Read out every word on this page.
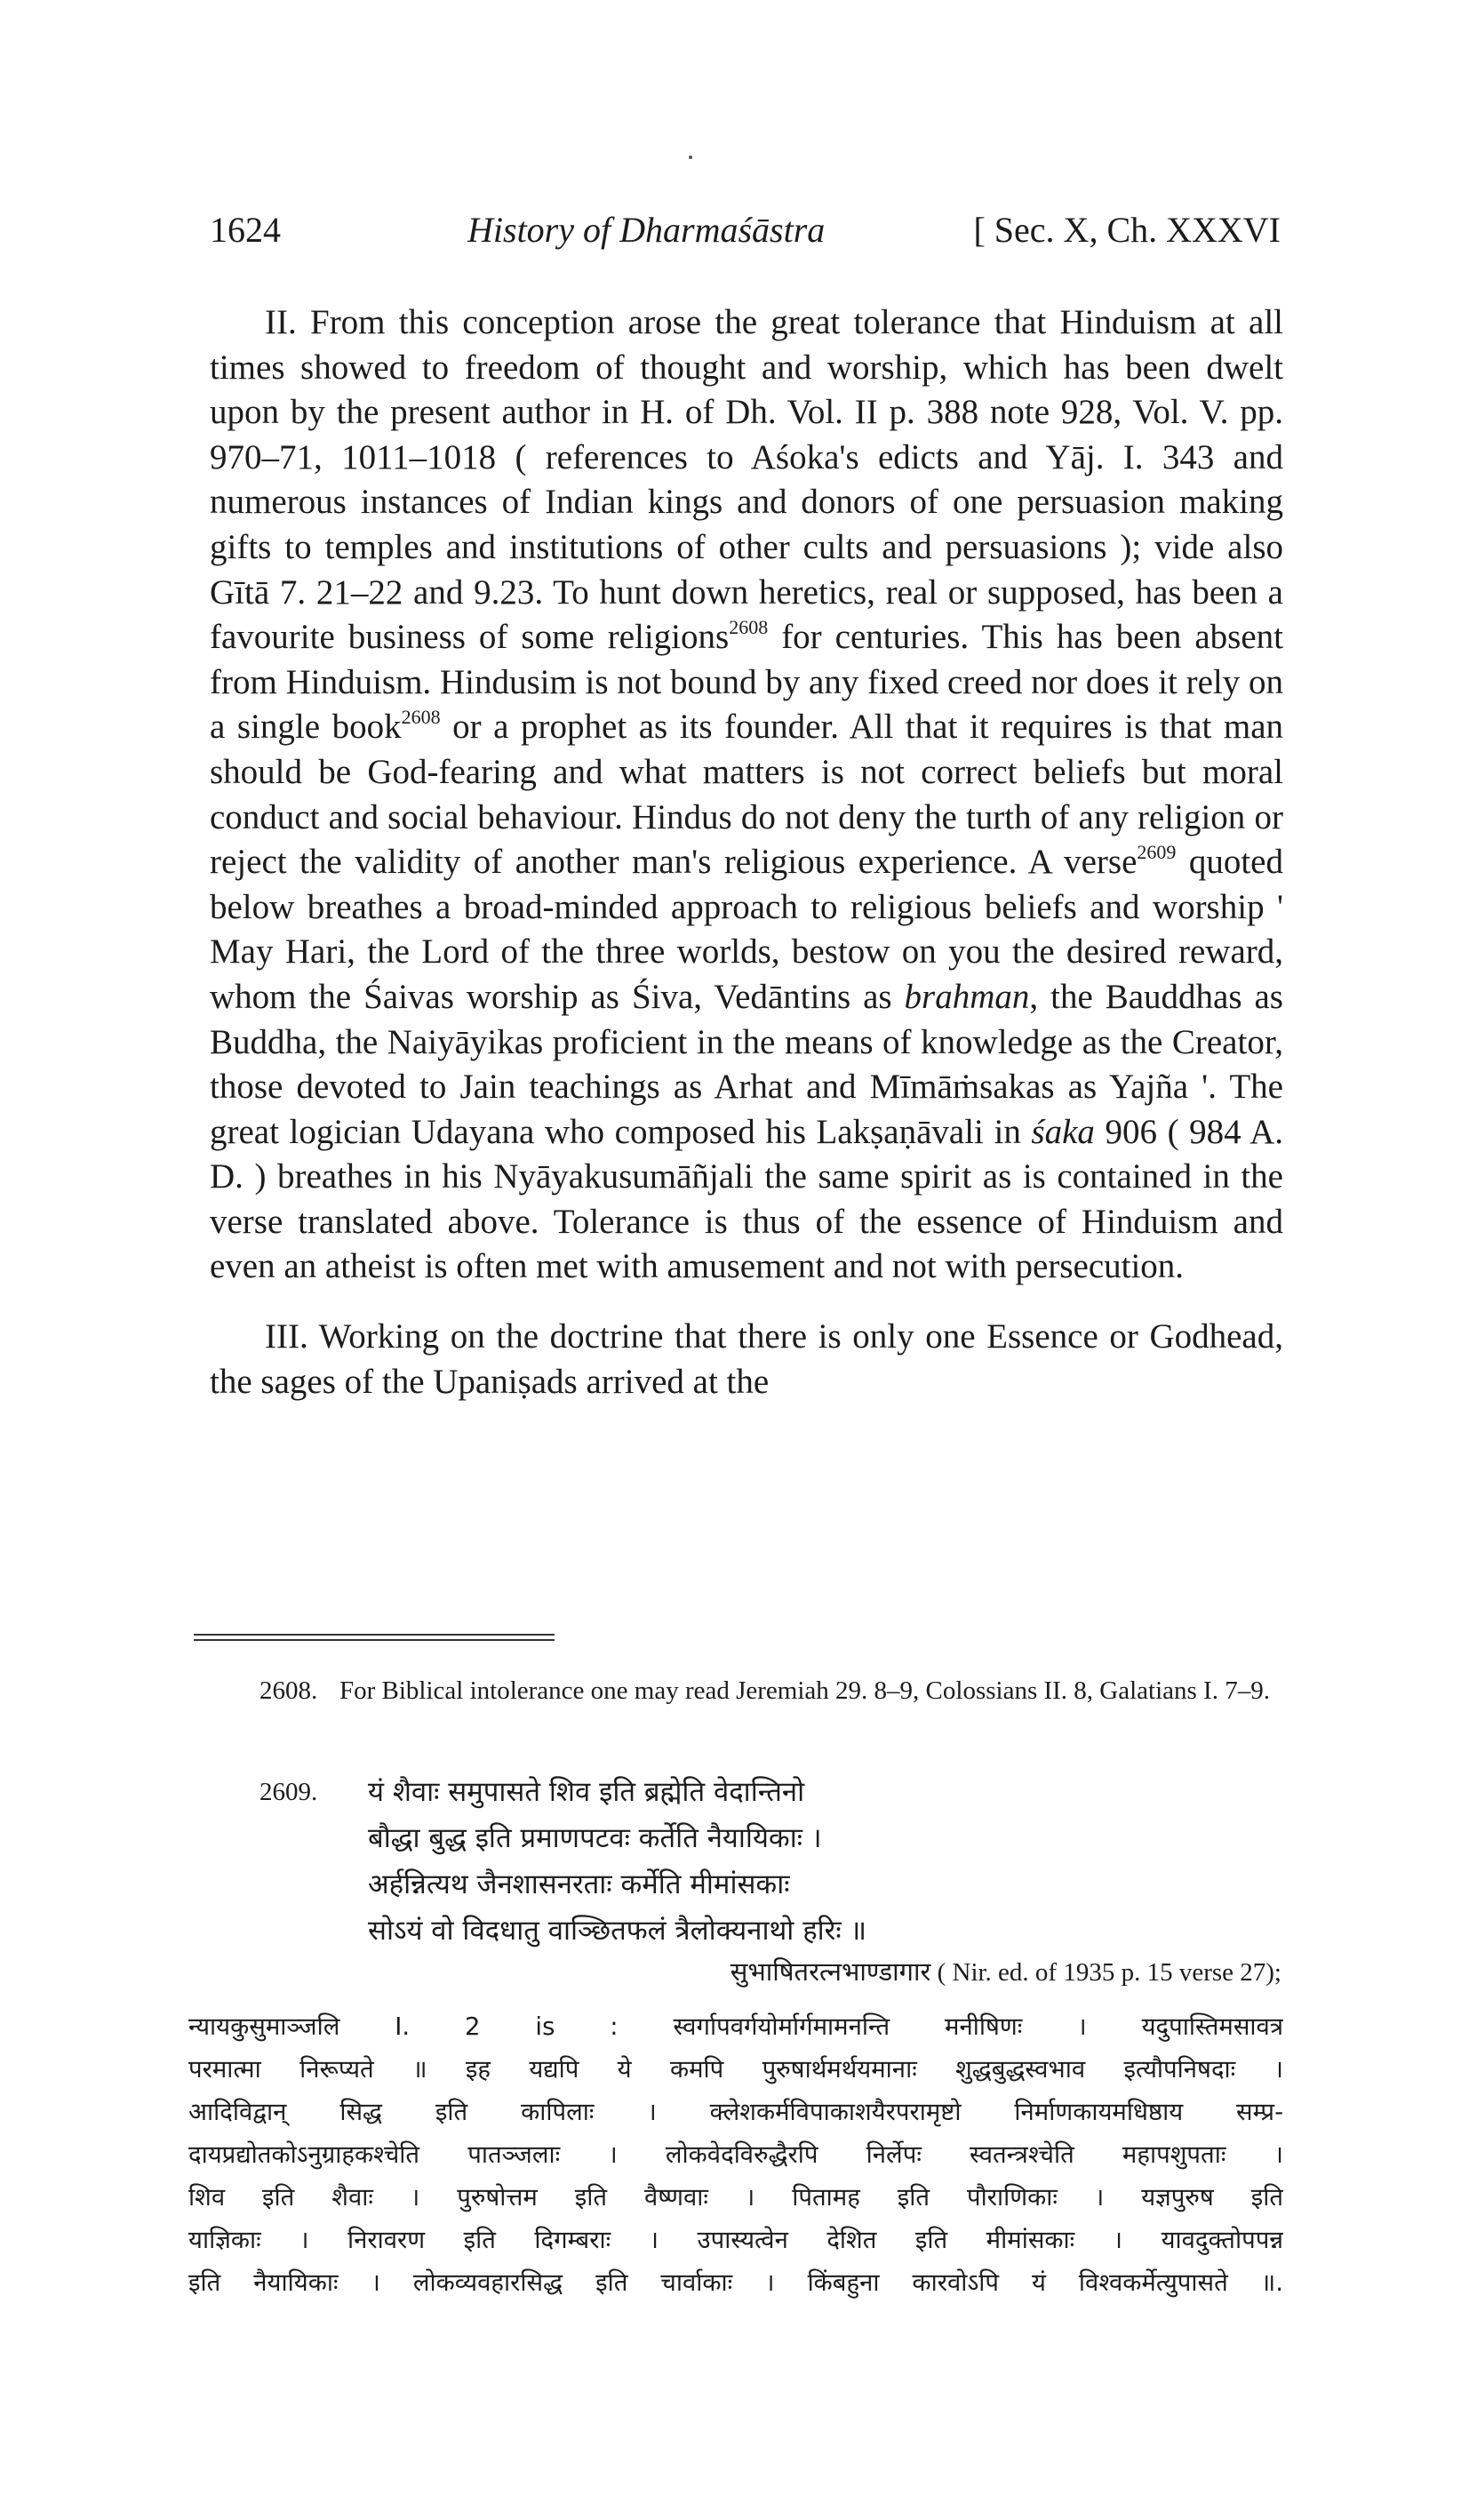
1624	History of Dharmaśāstra	[ Sec. X, Ch. XXXVI

II. From this conception arose the great tolerance that Hinduism at all times showed to freedom of thought and worship, which has been dwelt upon by the present author in H. of Dh. Vol. II p. 388 note 928, Vol. V. pp. 970–71, 1011–1018 ( references to Aśoka's edicts and Yāj. I. 343 and numerous instances of Indian kings and donors of one persuasion making gifts to temples and institutions of other cults and persuasions ); vide also Gītā 7. 21–22 and 9.23. To hunt down heretics, real or supposed, has been a favourite business of some religions$^{2608}$ for centuries. This has been absent from Hinduism. Hindusim is not bound by any fixed creed nor does it rely on a single book$^{2608}$ or a prophet as its founder. All that it requires is that man should be God-fearing and what matters is not correct beliefs but moral conduct and social behaviour. Hindus do not deny the turth of any religion or reject the validity of another man's religious experience. A verse$^{2609}$ quoted below breathes a broad-minded approach to religious beliefs and worship ' May Hari, the Lord of the three worlds, bestow on you the desired reward, whom the Śaivas worship as Śiva, Vedāntins as brahman, the Bauddhas as Buddha, the Naiyāyikas proficient in the means of knowledge as the Creator, those devoted to Jain teachings as Arhat and Mīmāṁsakas as Yajña '. The great logician Udayana who composed his Lakṣaṇāvali in śaka 906 ( 984 A. D. ) breathes in his Nyāyakusumāñjali the same spirit as is contained in the verse translated above. Tolerance is thus of the essence of Hinduism and even an atheist is often met with amusement and not with persecution.

III. Working on the doctrine that there is only one Essence or Godhead, the sages of the Upaniṣads arrived at the

2608. For Biblical intolerance one may read Jeremiah 29. 8–9, Colossians II. 8, Galatians I. 7–9.

2609. यं शैवाः समुपासते शिव इति ब्रह्मेति वेदान्तिनो
बौद्धा बुद्ध इति प्रमाणपटवः कर्तेति नैयायिकाः ।
अर्हन्नित्यथ जैनशासनरताः कर्मेति मीमांसकाः
सोऽयं वो विदधातु वाञ्छितफलं त्रैलोक्यनाथो हरिः ॥
सुभाषितरत्नभाण्डागार ( Nir. ed. of 1935 p. 15 verse 27);
न्यायकुसुमाञ्जलि I. 2 is : स्वर्गापवर्गयोर्मार्गमामनन्ति मनीषिणः । यदुपास्तिमसावत्र
परमात्मा निरूप्यते ॥ इह यद्यपि ये कमपि पुरुषार्थमर्थयमानाः शुद्धबुद्धस्वभाव इत्यौपनिषदाः ।
आदिविद्वान् सिद्ध इति कापिलाः । क्लेशकर्मविपाकाशयैरपरामृष्टो निर्माणकायमधिष्ठाय सम्प्र-
दायप्रद्योतकोऽनुग्राहकश्चेति पातञ्जलाः । लोकवेदविरुद्धैरपि निर्लेपः स्वतन्त्रश्चेति महापशुपताः ।
शिव इति शैवाः । पुरुषोत्तम इति वैष्णवाः । पितामह इति पौराणिकाः । यज्ञपुरुष इति
याज्ञिकाः । निरावरण इति दिगम्बराः । उपास्यत्वेन देशित इति मीमांसकाः । यावदुक्तोपपन्न
इति नैयायिकाः । लोकव्यवहारसिद्ध इति चार्वाकाः । किंबहुना कारवोऽपि यं विश्वकर्मेत्युपासते ॥.
